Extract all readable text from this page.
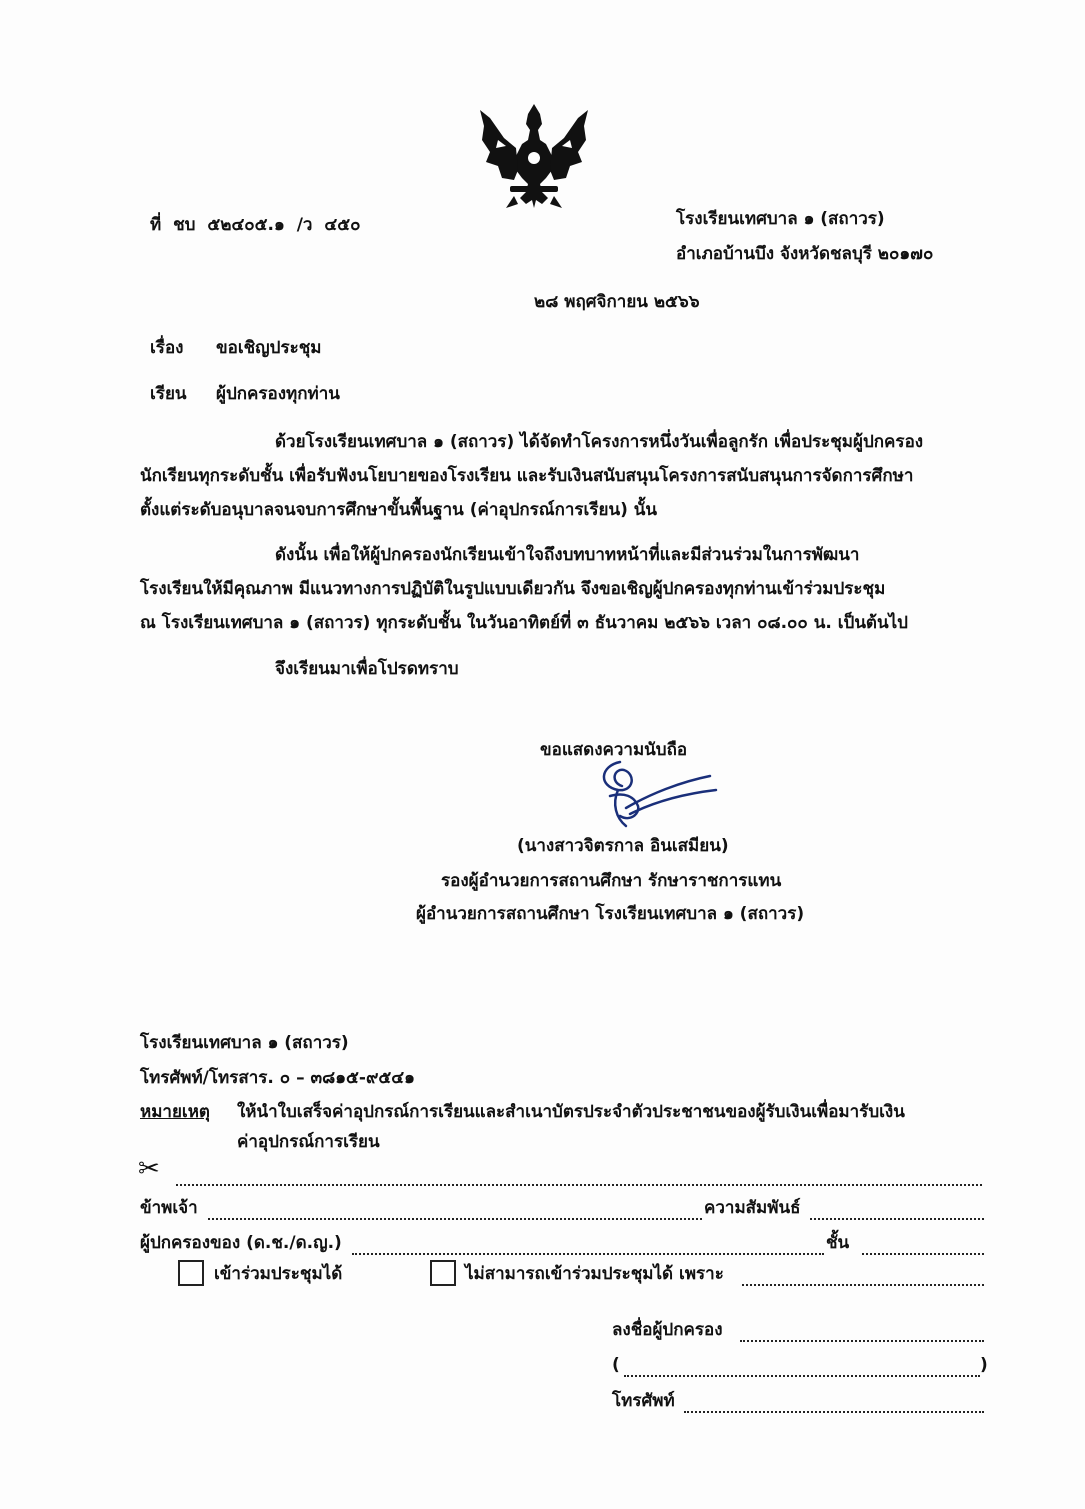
ที่ ชบ ๕๒๔๐๕.๑ /ว ๔๕๐	โรงเรียนเทศบาล ๑ (สถาวร)
อำเภอบ้านบึง จังหวัดชลบุรี ๒๐๑๗๐
๒๘ พฤศจิกายน ๒๕๖๖
เรื่อง ขอเชิญประชุม
เรียน ผู้ปกครองทุกท่าน
ด้วยโรงเรียนเทศบาล ๑ (สถาวร) ได้จัดทำโครงการหนึ่งวันเพื่อลูกรัก เพื่อประชุมผู้ปกครอง
นักเรียนทุกระดับชั้น เพื่อรับฟังนโยบายของโรงเรียน และรับเงินสนับสนุนโครงการสนับสนุนการจัดการศึกษา
ตั้งแต่ระดับอนุบาลจนจบการศึกษาขั้นพื้นฐาน (ค่าอุปกรณ์การเรียน) นั้น
ดังนั้น เพื่อให้ผู้ปกครองนักเรียนเข้าใจถึงบทบาทหน้าที่และมีส่วนร่วมในการพัฒนา
โรงเรียนให้มีคุณภาพ มีแนวทางการปฏิบัติในรูปแบบเดียวกัน จึงขอเชิญผู้ปกครองทุกท่านเข้าร่วมประชุม
ณ โรงเรียนเทศบาล ๑ (สถาวร) ทุกระดับชั้น ในวันอาทิตย์ที่ ๓ ธันวาคม ๒๕๖๖ เวลา ๐๘.๐๐ น. เป็นต้นไป
จึงเรียนมาเพื่อโปรดทราบ
ขอแสดงความนับถือ
(นางสาวจิตรกาล อินเสมียน)
รองผู้อำนวยการสถานศึกษา รักษาราชการแทน
ผู้อำนวยการสถานศึกษา โรงเรียนเทศบาล ๑ (สถาวร)
โรงเรียนเทศบาล ๑ (สถาวร)
โทรศัพท์/โทรสาร. ๐ – ๓๘๑๕-๙๕๔๑
หมายเหตุ ให้นำใบเสร็จค่าอุปกรณ์การเรียนและสำเนาบัตรประจำตัวประชาชนของผู้รับเงินเพื่อมารับเงิน
ค่าอุปกรณ์การเรียน
✂
ข้าพเจ้า	ความสัมพันธ์
ผู้ปกครองของ (ด.ช./ด.ญ.)	ชั้น
เข้าร่วมประชุมได้	ไม่สามารถเข้าร่วมประชุมได้ เพราะ
ลงชื่อผู้ปกครอง
(	)
โทรศัพท์
